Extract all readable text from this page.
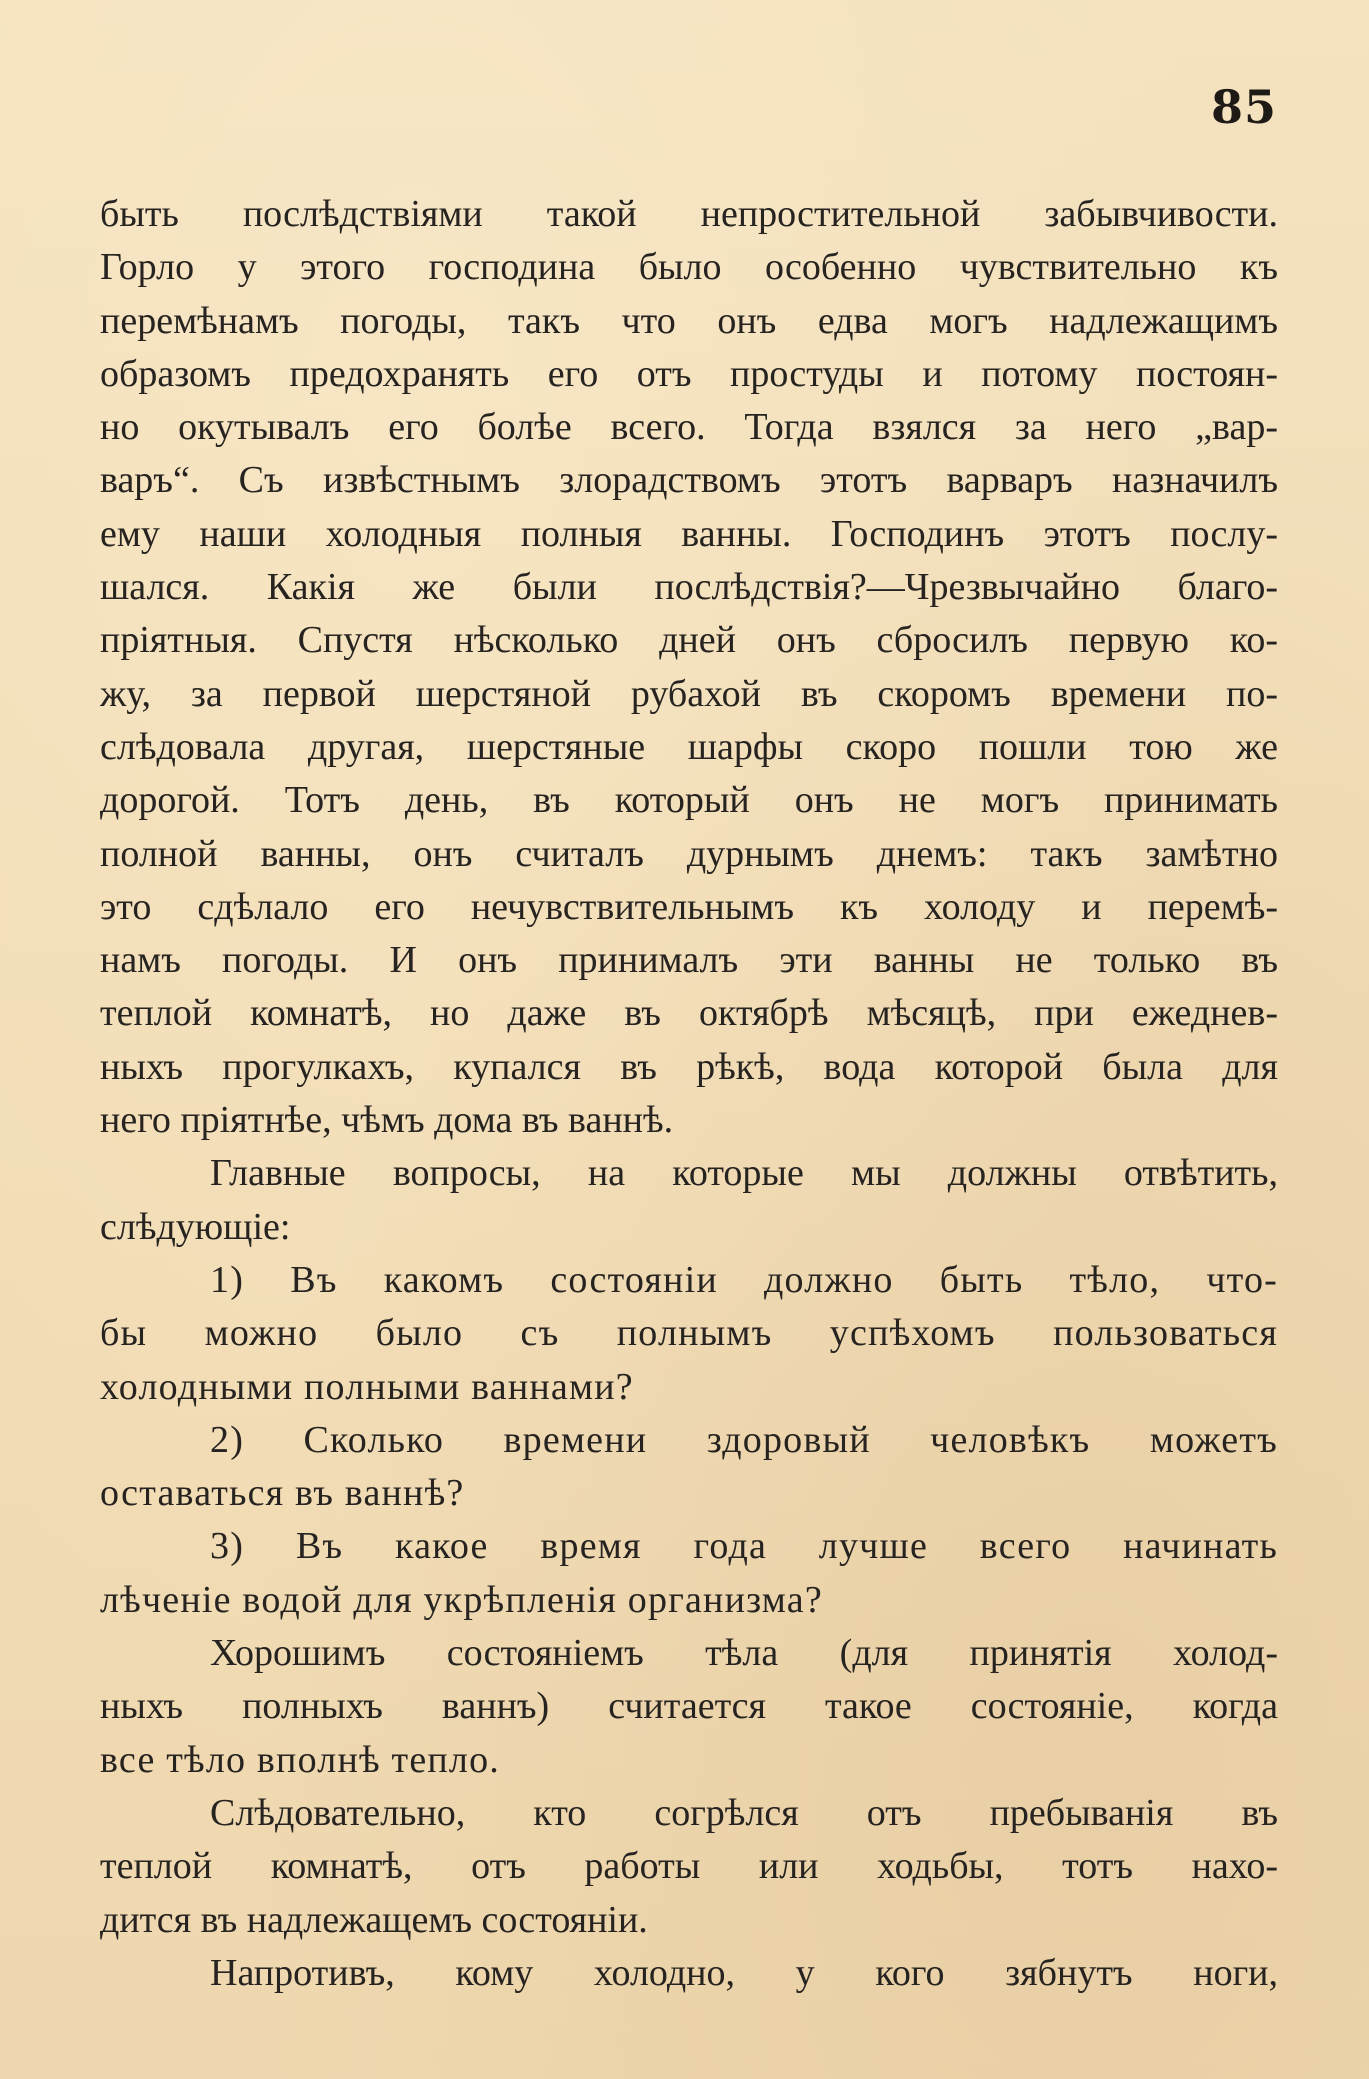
85
быть послѣдствіями такой непростительной забывчивости.
Горло у этого господина было особенно чувствительно къ
перемѣнамъ погоды, такъ что онъ едва могъ надлежащимъ
образомъ предохранять его отъ простуды и потому постоян-
но окутывалъ его болѣе всего. Тогда взялся за него „вар-
варъ“. Съ извѣстнымъ злорадствомъ этотъ варваръ назначилъ
ему наши холодныя полныя ванны. Господинъ этотъ послу-
шался. Какія же были послѣдствія?—Чрезвычайно благо-
пріятныя. Спустя нѣсколько дней онъ сбросилъ первую ко-
жу, за первой шерстяной рубахой въ скоромъ времени по-
слѣдовала другая, шерстяные шарфы скоро пошли тою же
дорогой. Тотъ день, въ который онъ не могъ принимать
полной ванны, онъ считалъ дурнымъ днемъ: такъ замѣтно
это сдѣлало его нечувствительнымъ къ холоду и перемѣ-
намъ погоды. И онъ принималъ эти ванны не только въ
теплой комнатѣ, но даже въ октябрѣ мѣсяцѣ, при ежеднев-
ныхъ прогулкахъ, купался въ рѣкѣ, вода которой была для
него пріятнѣе, чѣмъ дома въ ваннѣ.
Главные вопросы, на которые мы должны отвѣтить,
слѣдующіе:
1) Въ какомъ состояніи должно быть тѣло, что-
бы можно было съ полнымъ успѣхомъ пользоваться
холодными полными ваннами?
2) Сколько времени здоровый человѣкъ можетъ
оставаться въ ваннѣ?
3) Въ какое время года лучше всего начинать
лѣченіе водой для укрѣпленія организма?
Хорошимъ состояніемъ тѣла (для принятія холод-
ныхъ полныхъ ваннъ) считается такое состояніе, когда
все тѣло вполнѣ тепло.
Слѣдовательно, кто согрѣлся отъ пребыванія въ
теплой комнатѣ, отъ работы или ходьбы, тотъ нахо-
дится въ надлежащемъ состояніи.
Напротивъ, кому холодно, у кого зябнутъ ноги,
